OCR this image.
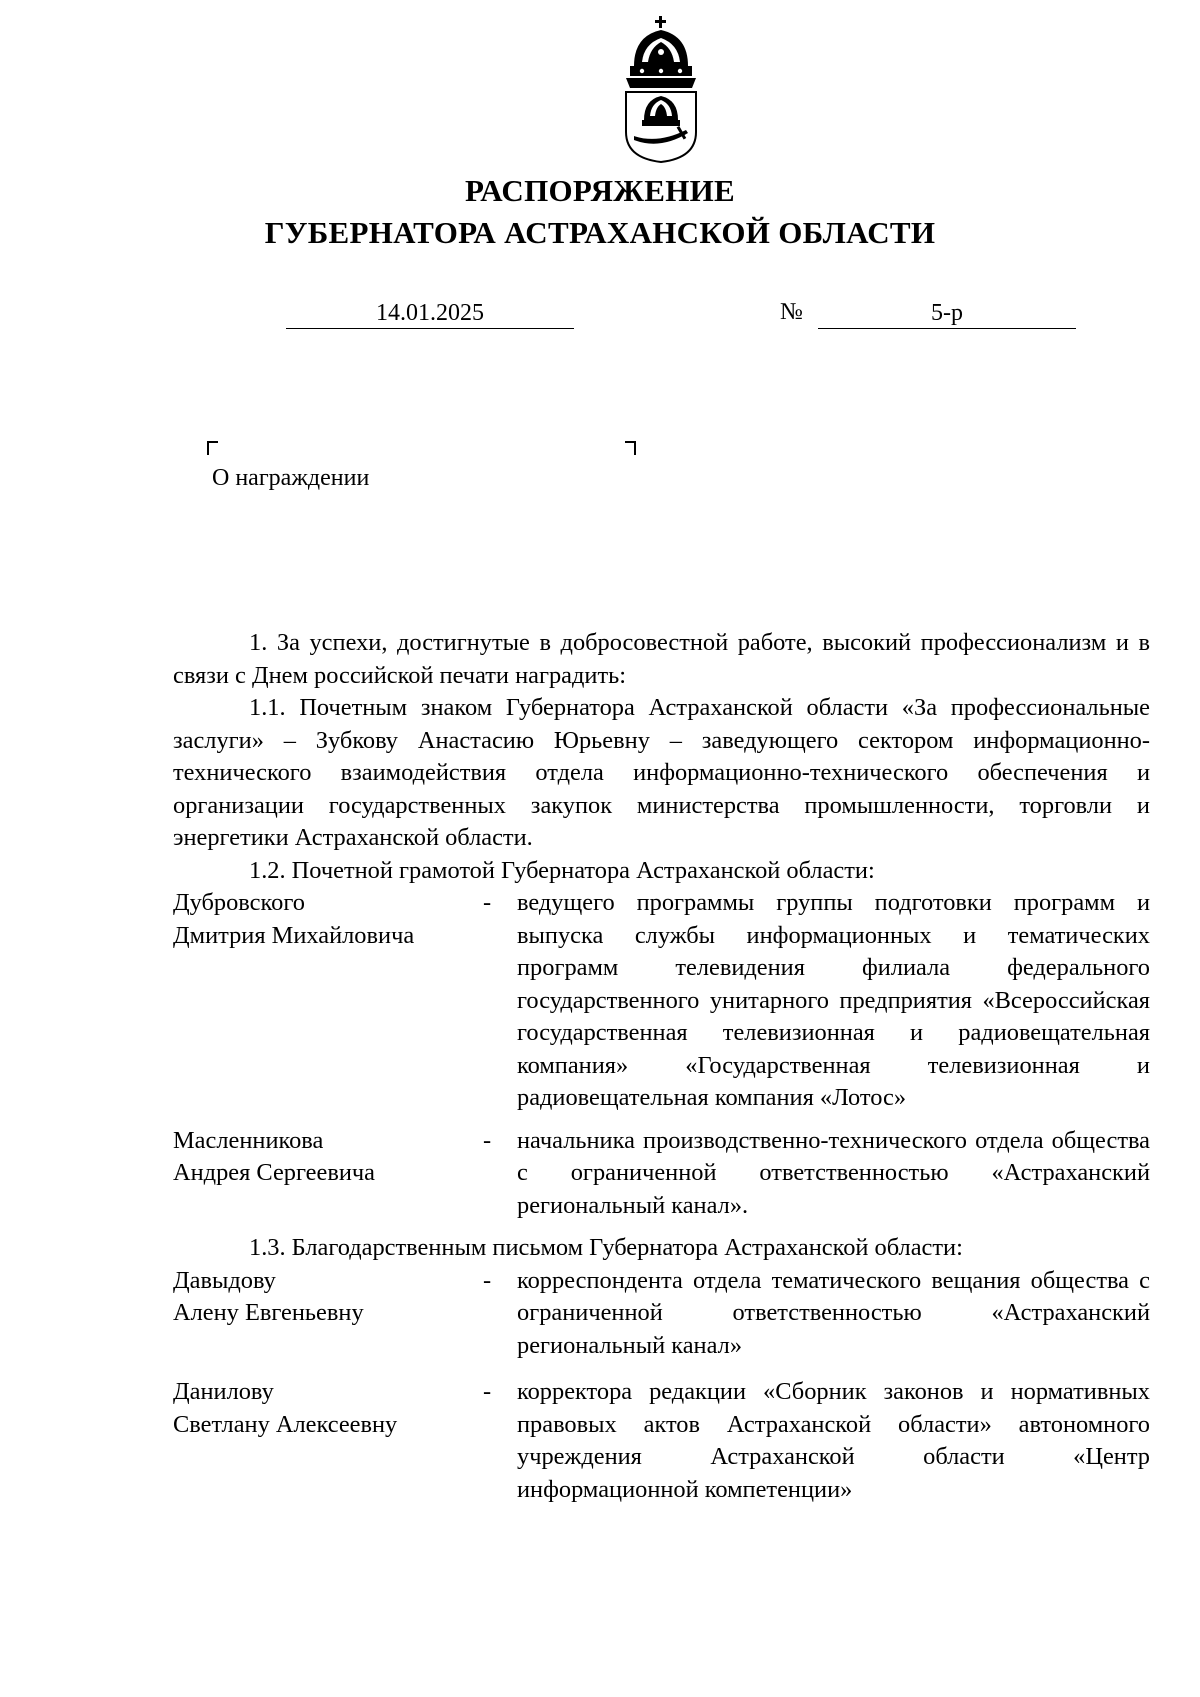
РАСПОРЯЖЕНИЕ
ГУБЕРНАТОРА АСТРАХАНСКОЙ ОБЛАСТИ
14.01.2025	№	5-р
О награждении

1. За успехи, достигнутые в добросовестной работе, высокий профессионализм и в связи с Днем российской печати наградить:

1.1. Почетным знаком Губернатора Астраханской области «За профессиональные заслуги» – Зубкову Анастасию Юрьевну – заведующего сектором информационно-технического взаимодействия отдела информационно-технического обеспечения и организации государственных закупок министерства промышленности, торговли и энергетики Астраханской области.

1.2. Почетной грамотой Губернатора Астраханской области:

Дубровского
Дмитрия Михайловича
-	ведущего программы группы подготовки программ и выпуска службы информационных и тематических программ телевидения филиала федерального государственного унитарного предприятия «Всероссийская государственная телевизионная и радиовещательная компания» «Государственная телевизионная и радиовещательная компания «Лотос»
Масленникова
Андрея Сергеевича
-	начальника производственно-технического отдела общества с ограниченной ответственностью «Астраханский региональный канал».

1.3. Благодарственным письмом Губернатора Астраханской области:

Давыдову
Алену Евгеньевну
-	корреспондента отдела тематического вещания общества с ограниченной ответственностью «Астраханский региональный канал»
Данилову
Светлану Алексеевну
-	корректора редакции «Сборник законов и нормативных правовых актов Астраханской области» автономного учреждения Астраханской области «Центр информационной компетенции»
